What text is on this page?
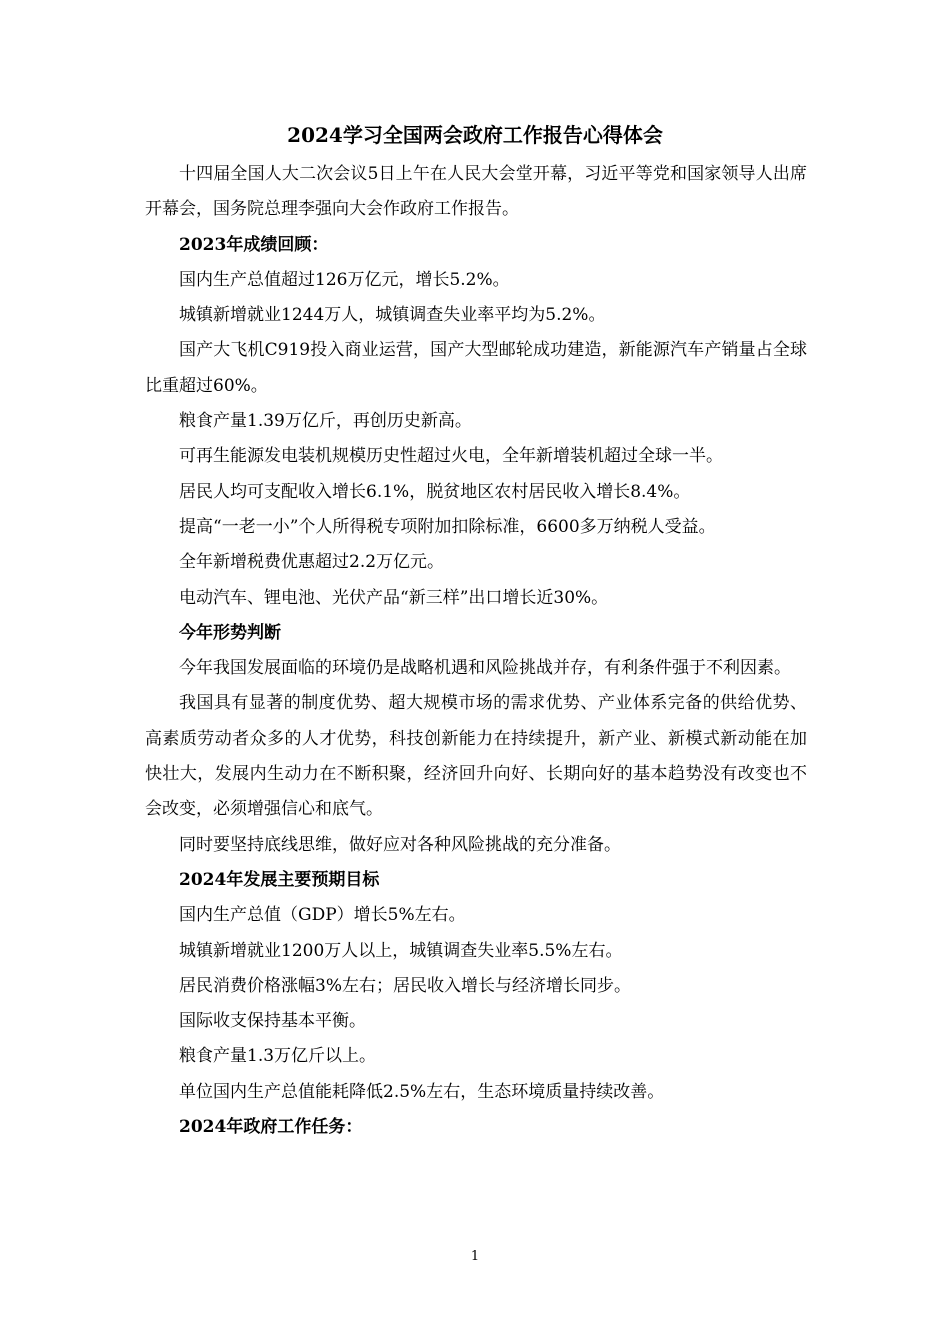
2024学习全国两会政府工作报告心得体会

十四届全国人大二次会议5日上午在人民大会堂开幕，习近平等党和国家领导人出席开幕会，国务院总理李强向大会作政府工作报告。

2023年成绩回顾：

国内生产总值超过126万亿元，增长5.2%。

城镇新增就业1244万人，城镇调查失业率平均为5.2%。

国产大飞机C919投入商业运营，国产大型邮轮成功建造，新能源汽车产销量占全球比重超过60%。

粮食产量1.39万亿斤，再创历史新高。

可再生能源发电装机规模历史性超过火电，全年新增装机超过全球一半。

居民人均可支配收入增长6.1%，脱贫地区农村居民收入增长8.4%。

提高“一老一小”个人所得税专项附加扣除标准，6600多万纳税人受益。

全年新增税费优惠超过2.2万亿元。

电动汽车、锂电池、光伏产品“新三样”出口增长近30%。

今年形势判断

今年我国发展面临的环境仍是战略机遇和风险挑战并存，有利条件强于不利因素。

我国具有显著的制度优势、超大规模市场的需求优势、产业体系完备的供给优势、高素质劳动者众多的人才优势，科技创新能力在持续提升，新产业、新模式新动能在加快壮大，发展内生动力在不断积聚，经济回升向好、长期向好的基本趋势没有改变也不会改变，必须增强信心和底气。

同时要坚持底线思维，做好应对各种风险挑战的充分准备。

2024年发展主要预期目标

国内生产总值（GDP）增长5%左右。

城镇新增就业1200万人以上，城镇调查失业率5.5%左右。

居民消费价格涨幅3%左右；居民收入增长与经济增长同步。

国际收支保持基本平衡。

粮食产量1.3万亿斤以上。

单位国内生产总值能耗降低2.5%左右，生态环境质量持续改善。

2024年政府工作任务：

1
